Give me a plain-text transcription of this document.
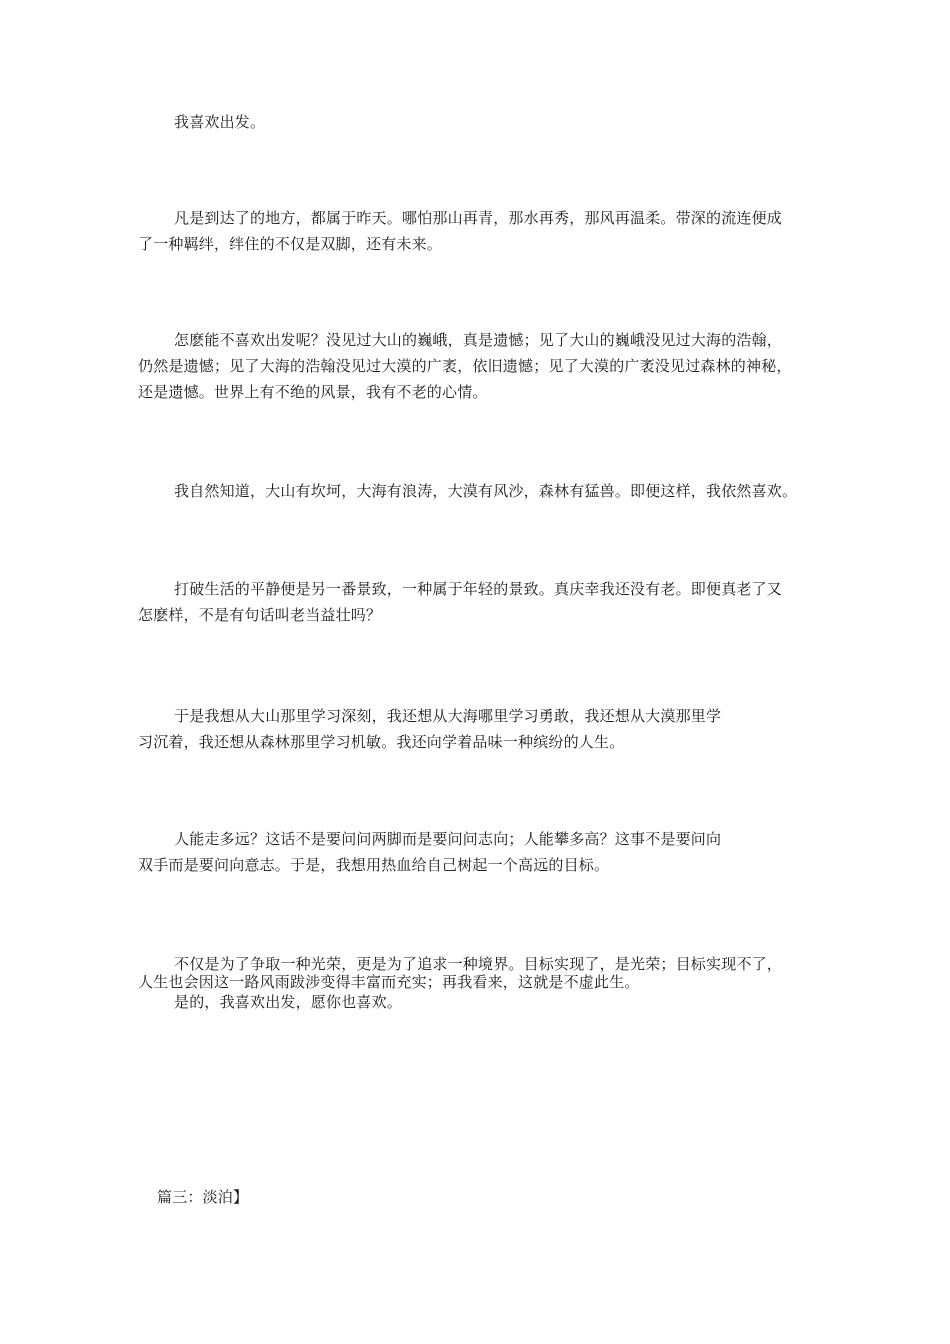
我喜欢出发。
凡是到达了的地方，都属于昨天。哪怕那山再青，那水再秀，那风再温柔。带深的流连便成
了一种羁绊，绊住的不仅是双脚，还有未来。
怎麽能不喜欢出发呢？没见过大山的巍峨，真是遗憾；见了大山的巍峨没见过大海的浩翰，
仍然是遗憾；见了大海的浩翰没见过大漠的广袤，依旧遗憾；见了大漠的广袤没见过森林的神秘，
还是遗憾。世界上有不绝的风景，我有不老的心情。
我自然知道，大山有坎坷，大海有浪涛，大漠有风沙，森林有猛兽。即便这样，我依然喜欢。
打破生活的平静便是另一番景致，一种属于年轻的景致。真庆幸我还没有老。即便真老了又
怎麽样，不是有句话叫老当益壮吗？
于是我想从大山那里学习深刻，我还想从大海哪里学习勇敢，我还想从大漠那里学
习沉着，我还想从森林那里学习机敏。我还向学着品味一种缤纷的人生。
人能走多远？这话不是要问问两脚而是要问问志向；人能攀多高？这事不是要问向
双手而是要问向意志。于是，我想用热血给自己树起一个高远的目标。
不仅是为了争取一种光荣，更是为了追求一种境界。目标实现了，是光荣；目标实现不了，
人生也会因这一路风雨跋涉变得丰富而充实；再我看来，这就是不虚此生。
是的，我喜欢出发，愿你也喜欢。
篇三：淡泊】
